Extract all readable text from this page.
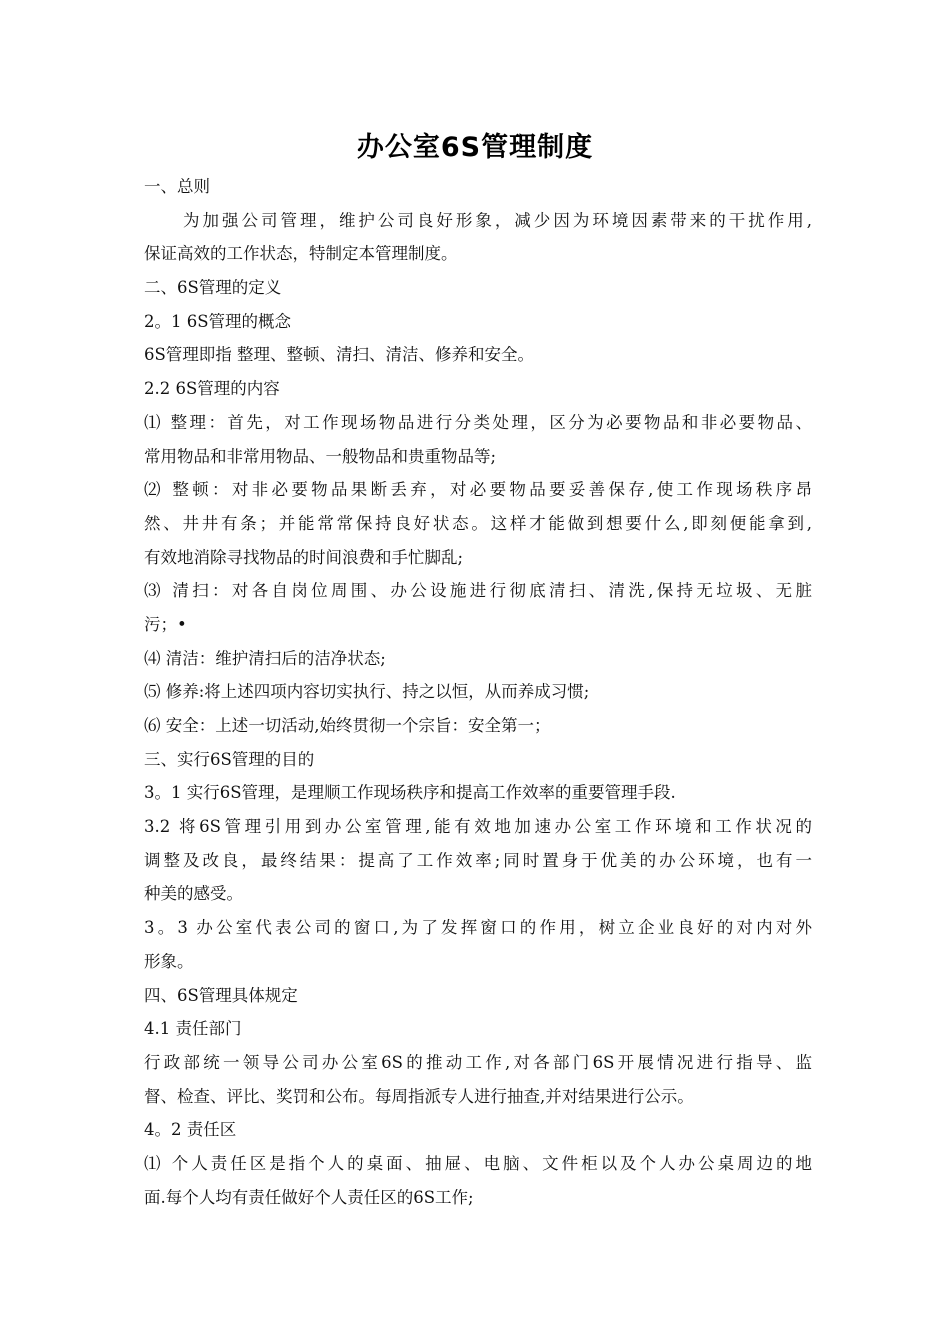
办公室6S管理制度
一、总则
为加强公司管理，维护公司良好形象，减少因为环境因素带来的干扰作用,
保证高效的工作状态，特制定本管理制度。
二、6S管理的定义
2。1 6S管理的概念
6S管理即指 整理、整顿、清扫、清洁、修养和安全。
2.2 6S管理的内容
⑴ 整理：首先，对工作现场物品进行分类处理，区分为必要物品和非必要物品、
常用物品和非常用物品、一般物品和贵重物品等;
⑵ 整顿：对非必要物品果断丢弃，对必要物品要妥善保存,使工作现场秩序昂
然、井井有条；并能常常保持良好状态。这样才能做到想要什么,即刻便能拿到,
有效地消除寻找物品的时间浪费和手忙脚乱;
⑶ 清扫：对各自岗位周围、办公设施进行彻底清扫、清洗,保持无垃圾、无脏
污；•
⑷ 清洁：维护清扫后的洁净状态;
⑸ 修养:将上述四项内容切实执行、持之以恒，从而养成习惯;
⑹ 安全：上述一切活动,始终贯彻一个宗旨：安全第一；
三、实行6S管理的目的
3。1 实行6S管理，是理顺工作现场秩序和提高工作效率的重要管理手段.
3.2 将6S管理引用到办公室管理,能有效地加速办公室工作环境和工作状况的
调整及改良，最终结果：提高了工作效率;同时置身于优美的办公环境，也有一
种美的感受。
3。3 办公室代表公司的窗口,为了发挥窗口的作用，树立企业良好的对内对外
形象。
四、6S管理具体规定
4.1 责任部门
行政部统一领导公司办公室6S的推动工作,对各部门6S开展情况进行指导、监
督、检查、评比、奖罚和公布。每周指派专人进行抽查,并对结果进行公示。
4。2 责任区
⑴ 个人责任区是指个人的桌面、抽屉、电脑、文件柜以及个人办公桌周边的地
面.每个人均有责任做好个人责任区的6S工作;
